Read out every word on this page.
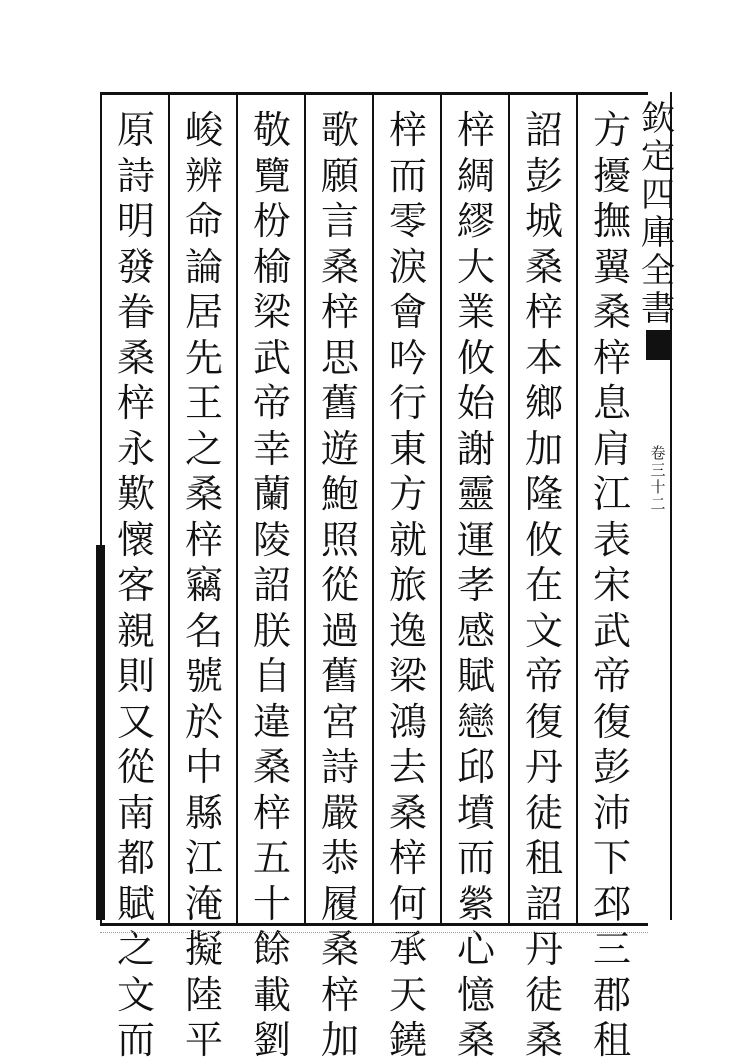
方擾撫翼桑梓息肩江表宋武帝復彭沛下邳三郡租
詔彭城桑梓本鄉加隆攸在文帝復丹徒租詔丹徒桑
梓綢繆大業攸始謝靈運孝感賦戀邱墳而縈心憶桑
梓而零淚會吟行東方就旅逸梁鴻去桑梓何承天鐃
歌願言桑梓思舊遊鮑照從過舊宮詩嚴恭履桑梓加
敬覽枌榆梁武帝幸蘭陵詔朕自違桑梓五十餘載劉
峻辨命論居先王之桑梓竊名號於中縣江淹擬陸平
原詩明發眷桑梓永歎懷客親則又從南都賦之文而
欽定四庫全書
卷三十二
